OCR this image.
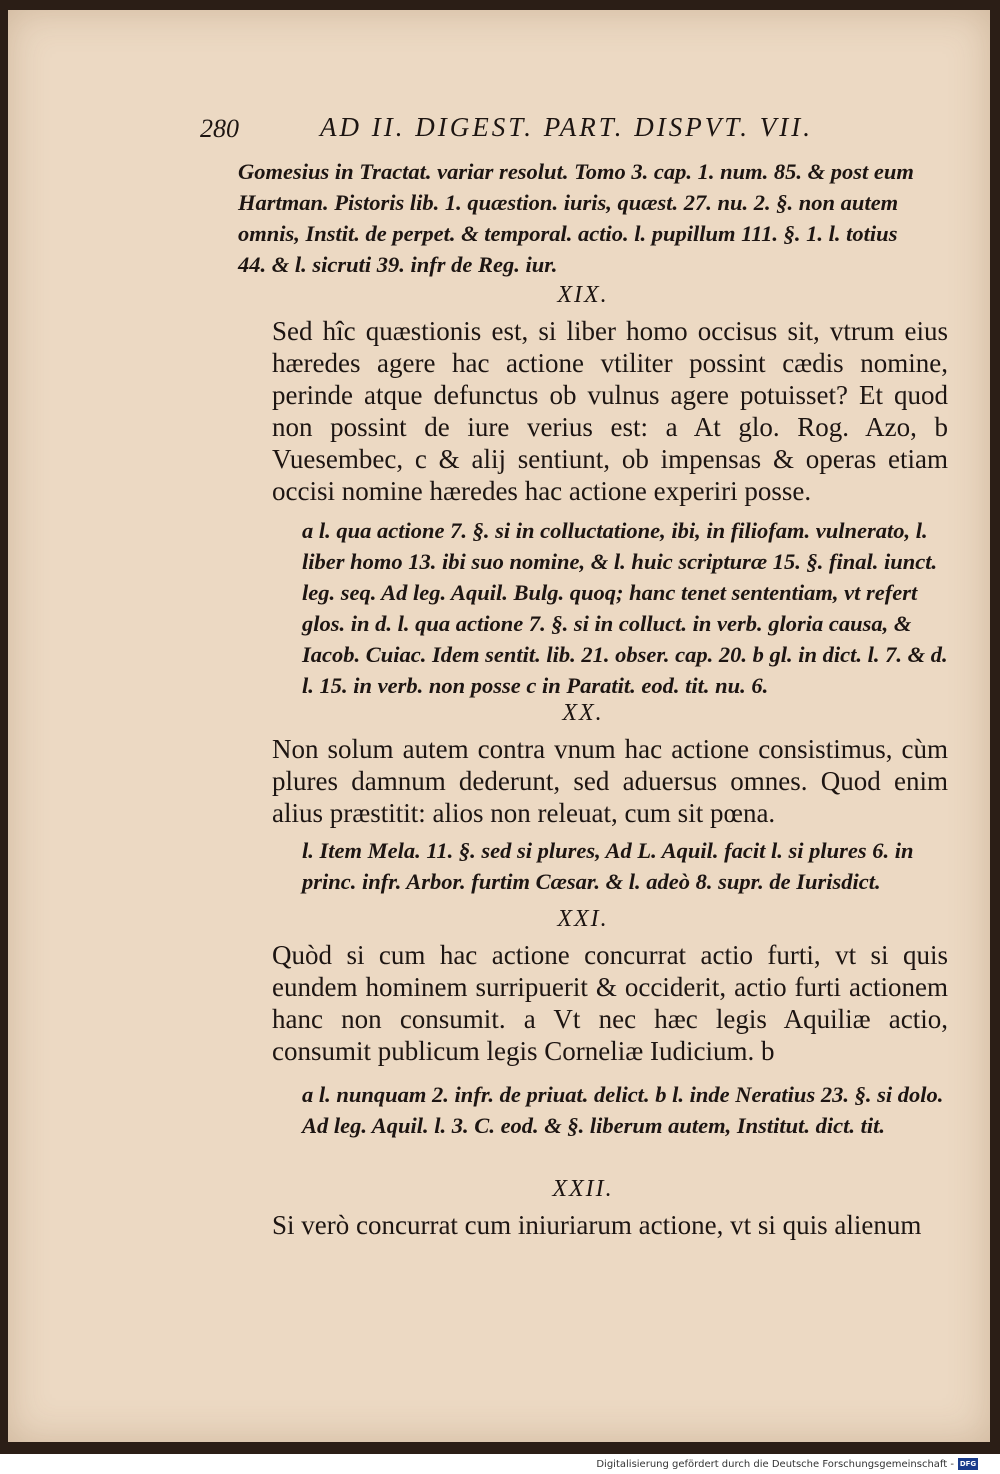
280	AD II. DIGEST. PART. DISPVT. VII.

Gomesius in Tractat. variar resolut. Tomo 3. cap. 1. num. 85. & post eum Hartman. Pistoris lib. 1. quæstion. iuris, quæst. 27. nu. 2. §. non autem omnis, Instit. de perpet. & temporal. actio. l. pupillum 111. §. 1. l. totius 44. & l. sicruti 39. infr de Reg. iur.

XIX.

Sed hîc quæstionis est, si liber homo occisus sit, vtrum eius hæredes agere hac actione vtiliter possint cædis nomine, perinde atque defunctus ob vulnus agere potuisset? Et quod non possint de iure verius est: a At glo. Rog. Azo, b Vuesembec, c & alij sentiunt, ob impensas & operas etiam occisi nomine hæredes hac actione experiri posse.

a l. qua actione 7. §. si in colluctatione, ibi, in filiofam. vulnerato, l. liber homo 13. ibi suo nomine, & l. huic scripturæ 15. §. final. iunct. leg. seq. Ad leg. Aquil. Bulg. quoq; hanc tenet sententiam, vt refert glos. in d. l. qua actione 7. §. si in colluct. in verb. gloria causa, & Iacob. Cuiac. Idem sentit. lib. 21. obser. cap. 20. b gl. in dict. l. 7. & d. l. 15. in verb. non posse c in Paratit. eod. tit. nu. 6.

XX.

Non solum autem contra vnum hac actione consistimus, cùm plures damnum dederunt, sed aduersus omnes. Quod enim alius præstitit: alios non releuat, cum sit pœna.

l. Item Mela. 11. §. sed si plures, Ad L. Aquil. facit l. si plures 6. in princ. infr. Arbor. furtim Cæsar. & l. adeò 8. supr. de Iurisdict.

XXI.

Quòd si cum hac actione concurrat actio furti, vt si quis eundem hominem surripuerit & occiderit, actio furti actionem hanc non consumit. a Vt nec hæc legis Aquiliæ actio, consumit publicum legis Corneliæ Iudicium. b

a l. nunquam 2. infr. de priuat. delict. b l. inde Neratius 23. §. si dolo. Ad leg. Aquil. l. 3. C. eod. & §. liberum autem, Institut. dict. tit.

XXII.

Si verò concurrat cum iniuriarum actione, vt si quis alienum

Digitalisierung gefördert durch die Deutsche Forschungsgemeinschaft - DFG
